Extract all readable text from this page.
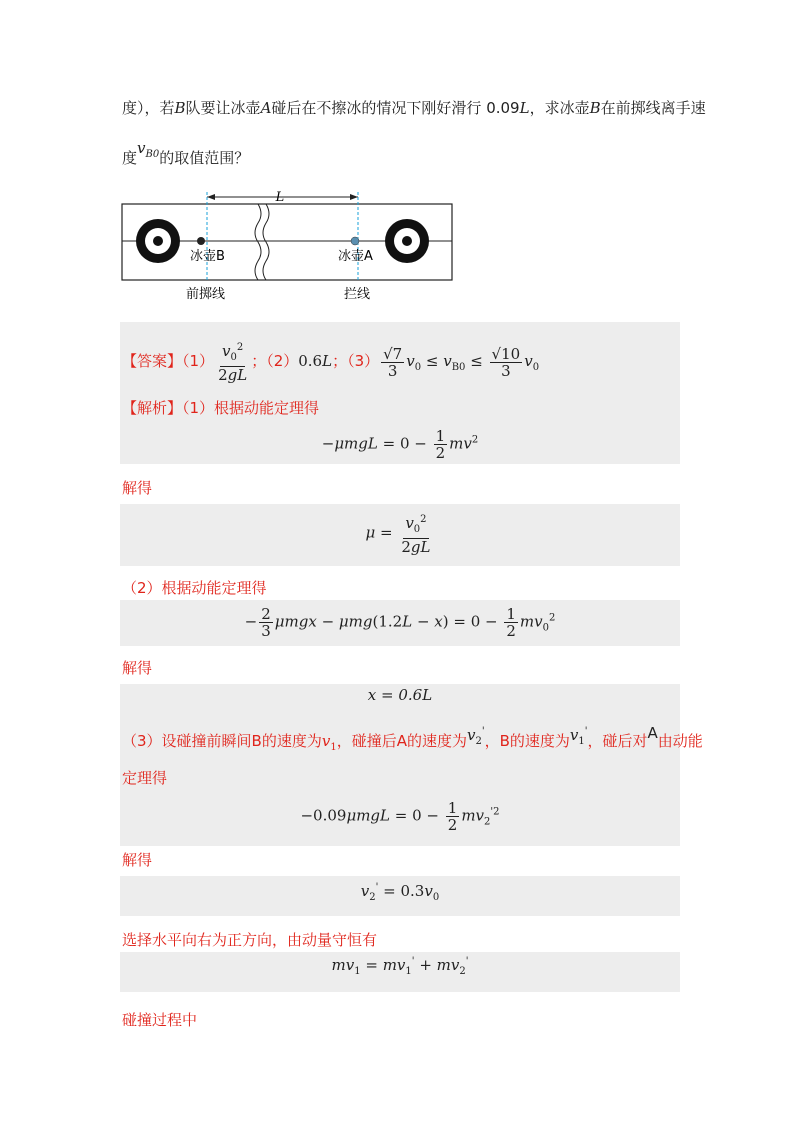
度），若B队要让冰壶A碰后在不擦冰的情况下刚好滑行 0.09L，求冰壶B在前掷线离手速
度$v_{B0}$的取值范围？
L
冰壶B	冰壶A
前掷线	拦线
【答案】$(1) \frac{v_0^2}{2gL}$ ；（2）0.6L；$(3) \frac{√7}{3} v_0 \le v_{B0} \le \frac{√10}{3} v_0$
【解析】（1）根据动能定理得
$-\mu mgL = 0 - \frac{1}{2} mv^2$
解得
$\mu = \frac{v_0^2}{2gL}$
（2）根据动能定理得
− $\frac{2}{3}$ $\mu mgx - \mu mg(1.2L - x) = 0 - \frac{1}{2} mv_0^2$
解得
x = 0.6L
（3）设碰撞前瞬间B的速度为$v_1$，碰撞后A的速度为$v_2'$，B的速度为$v_1'$，碰后对A由动能
定理得
$-0.09\mu mgL = 0 - \frac{1}{2} mv_2^{'2}$
解得
$v_2' = 0.3v_0$
选择水平向右为正方向，由动量守恒有
$mv_1 = mv_1' + mv_2'$
碰撞过程中
